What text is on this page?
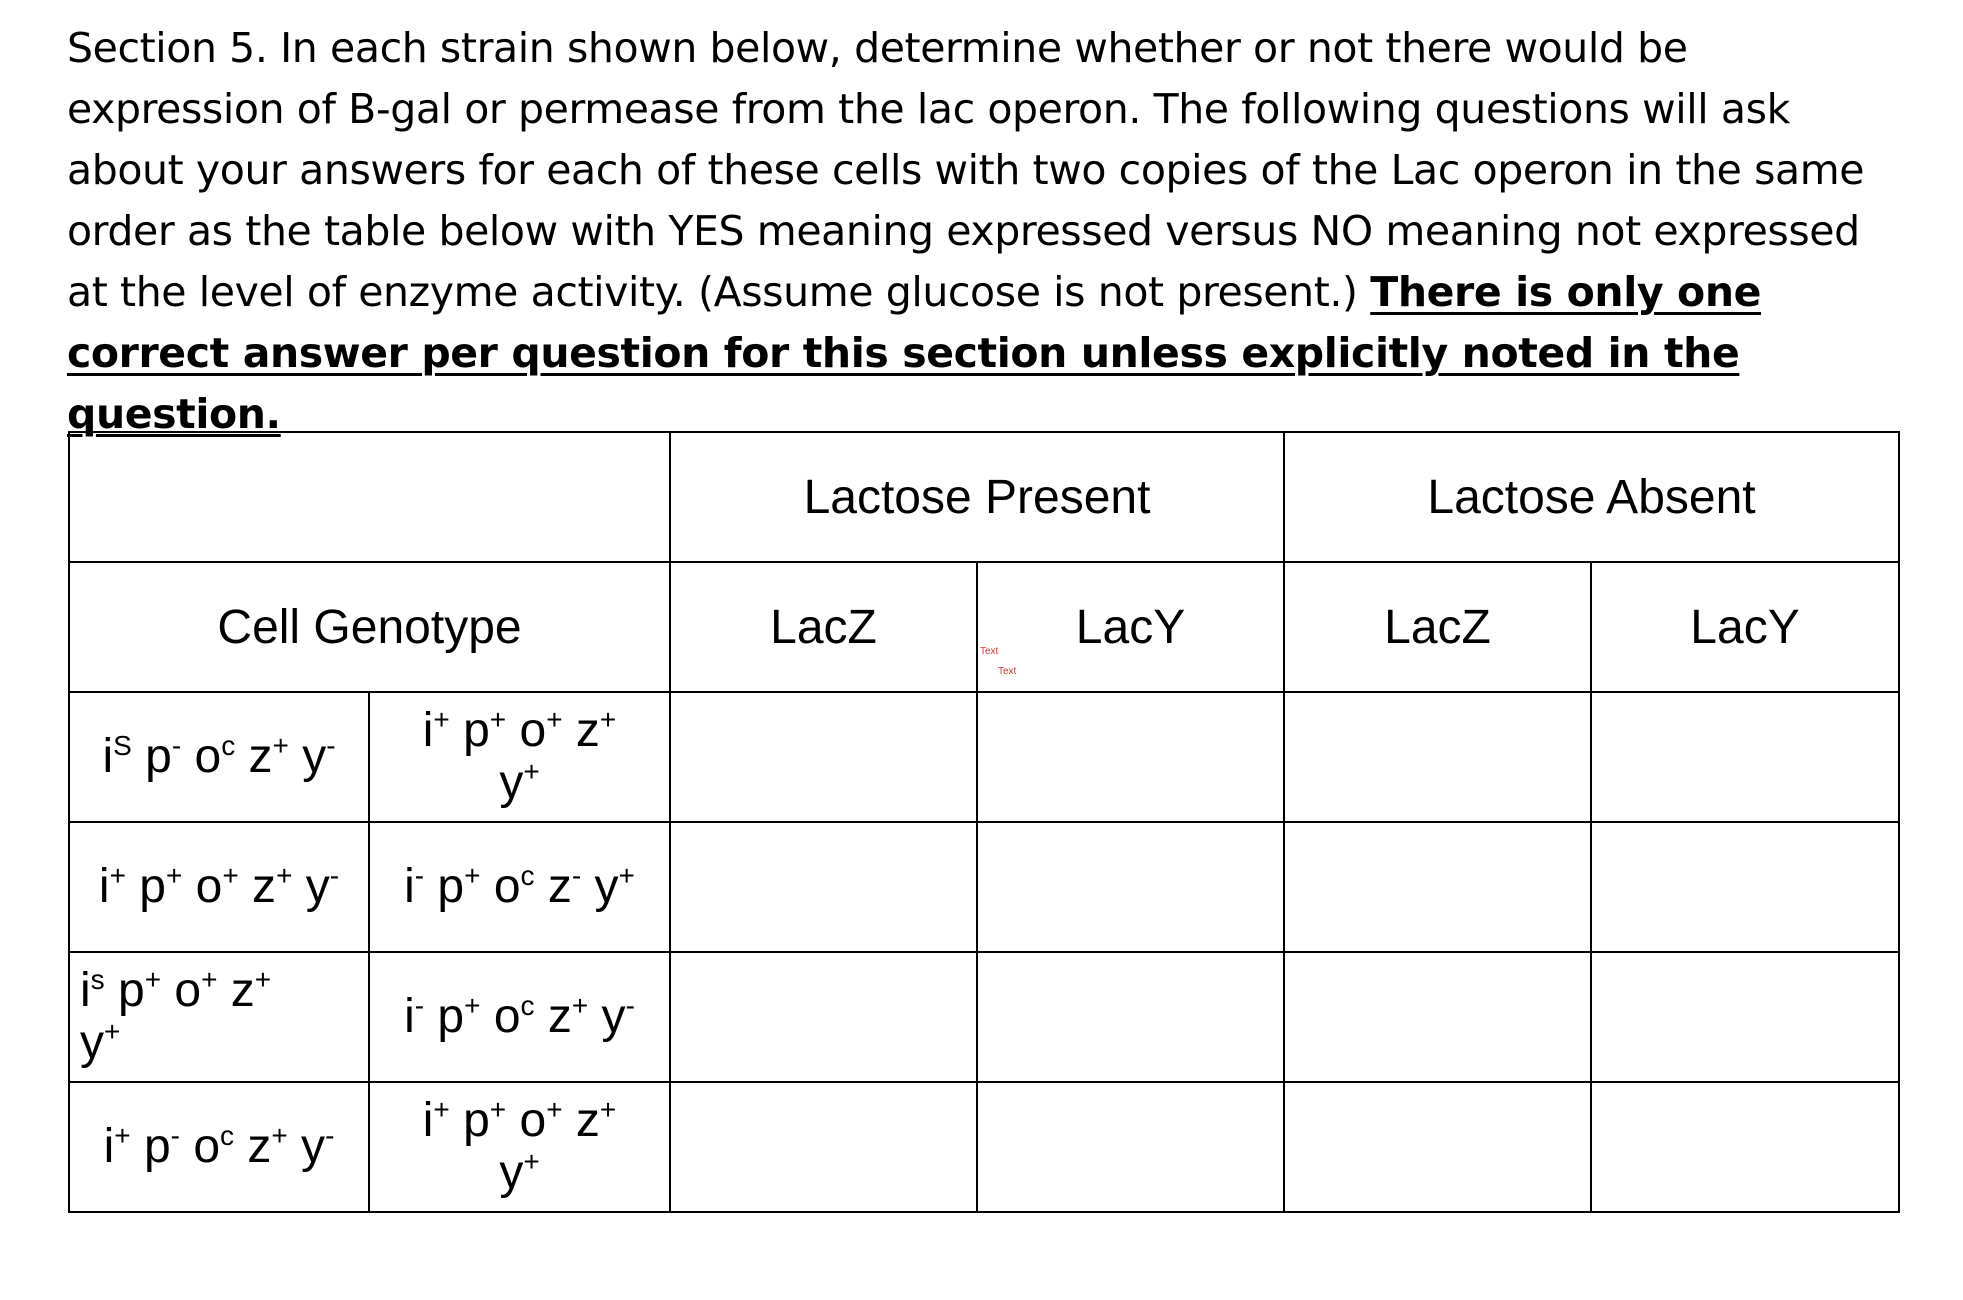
Section 5. In each strain shown below, determine whether or not there would be expression of B-gal or permease from the lac operon. The following questions will ask about your answers for each of these cells with two copies of the Lac operon in the same order as the table below with YES meaning expressed versus NO meaning not expressed at the level of enzyme activity. (Assume glucose is not present.) There is only one correct answer per question for this section unless explicitly noted in the question.
		Lactose Present		Lactose Absent	
Cell Genotype		LacZ	LacY	LacZ	LacY
$i^S$ p- $o^c$ z+ y-	i+ p+ o+ z+
y+				
i+ p+ o+ z+ y-	i- p+ $o^c$ z- y+				
$i^s$ p+ o+ z+
y+	i- p+ $o^c$ z+ y-				
i+ p- $o^c$ z+ y-	i+ p+ o+ z+
y+				
Text
Text
